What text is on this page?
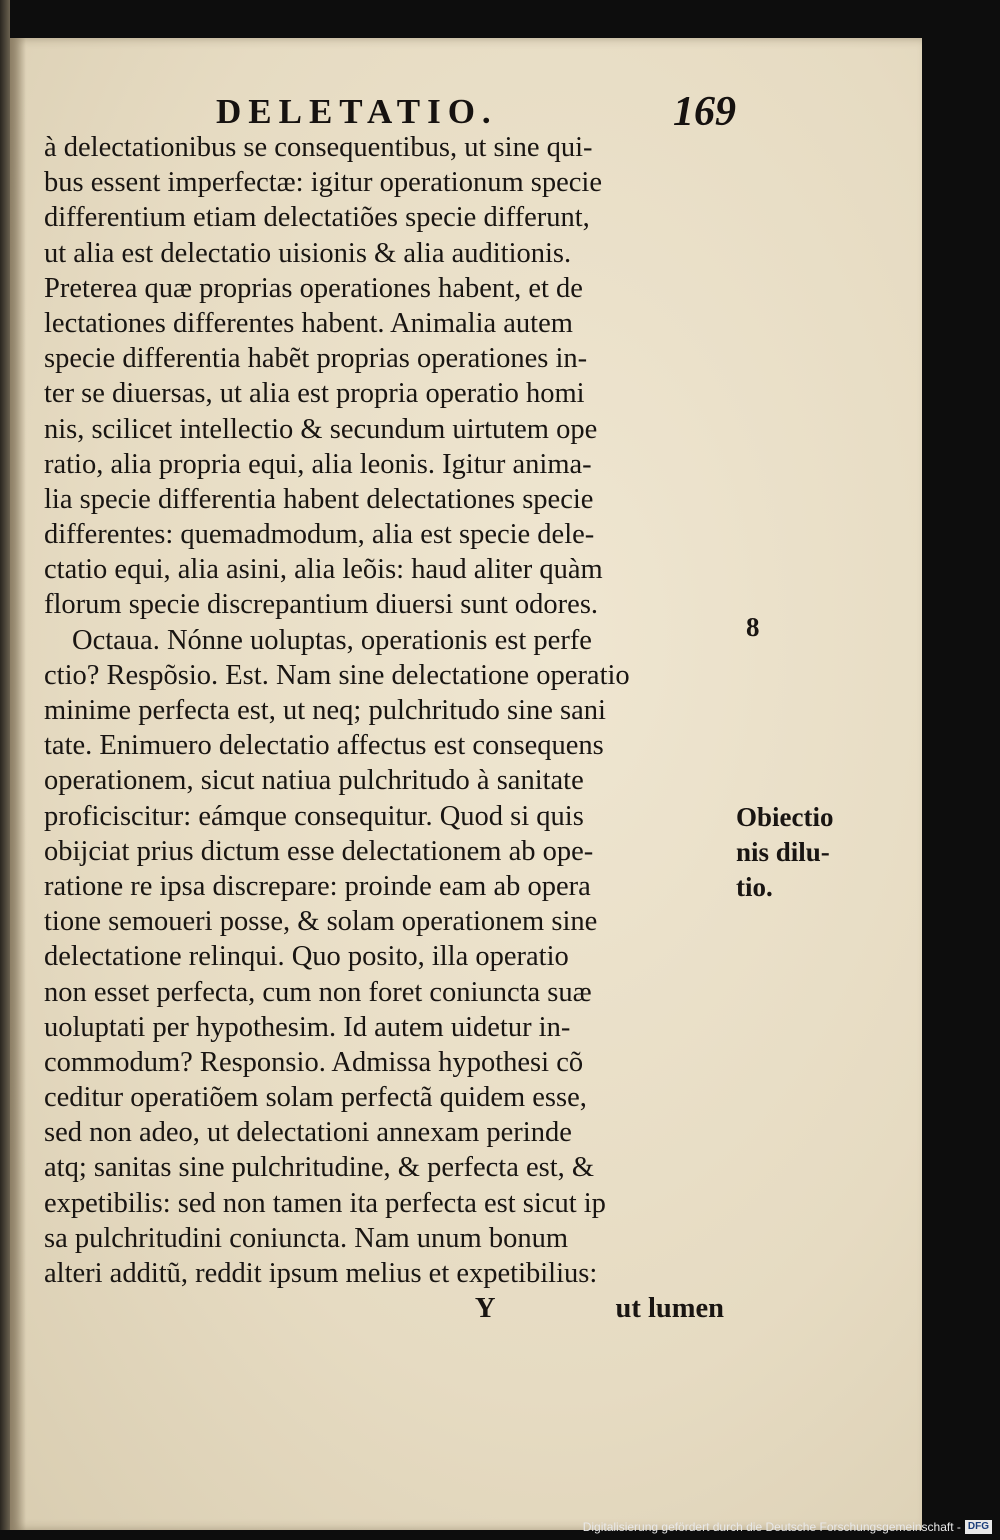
DELETATIO.	169
à delectationibus se consequentibus, ut sine qui-
bus essent imperfectæ: igitur operationum specie
differentium etiam delectatiões specie differunt,
ut alia est delectatio uisionis & alia auditionis.
Preterea quæ proprias operationes habent, et de
lectationes differentes habent. Animalia autem
specie differentia habẽt proprias operationes in-
ter se diuersas, ut alia est propria operatio homi
nis, scilicet intellectio & secundum uirtutem ope
ratio, alia propria equi, alia leonis. Igitur anima-
lia specie differentia habent delectationes specie
differentes: quemadmodum, alia est specie dele-
ctatio equi, alia asini, alia leõis: haud aliter quàm
florum specie discrepantium diuersi sunt odores.
Octaua. Nónne uoluptas, operationis est perfe
ctio? Respõsio. Est. Nam sine delectatione operatio
minime perfecta est, ut neq; pulchritudo sine sani
tate. Enimuero delectatio affectus est consequens
operationem, sicut natiua pulchritudo à sanitate
proficiscitur: eámque consequitur. Quod si quis
obijciat prius dictum esse delectationem ab ope-
ratione re ipsa discrepare: proinde eam ab opera
tione semoueri posse, & solam operationem sine
delectatione relinqui. Quo posito, illa operatio
non esset perfecta, cum non foret coniuncta suæ
uoluptati per hypothesim. Id autem uidetur in-
commodum? Responsio. Admissa hypothesi cõ
ceditur operatiõem solam perfectã quidem esse,
sed non adeo, ut delectationi annexam perinde
atq; sanitas sine pulchritudine, & perfecta est, &
expetibilis: sed non tamen ita perfecta est sicut ip
sa pulchritudini coniuncta. Nam unum bonum
alteri additũ, reddit ipsum melius et expetibilius:
Y	ut lumen
8
Obiectio
nis dilu-
tio.
Digitalisierung gefördert durch die Deutsche Forschungsgemeinschaft - DFG
